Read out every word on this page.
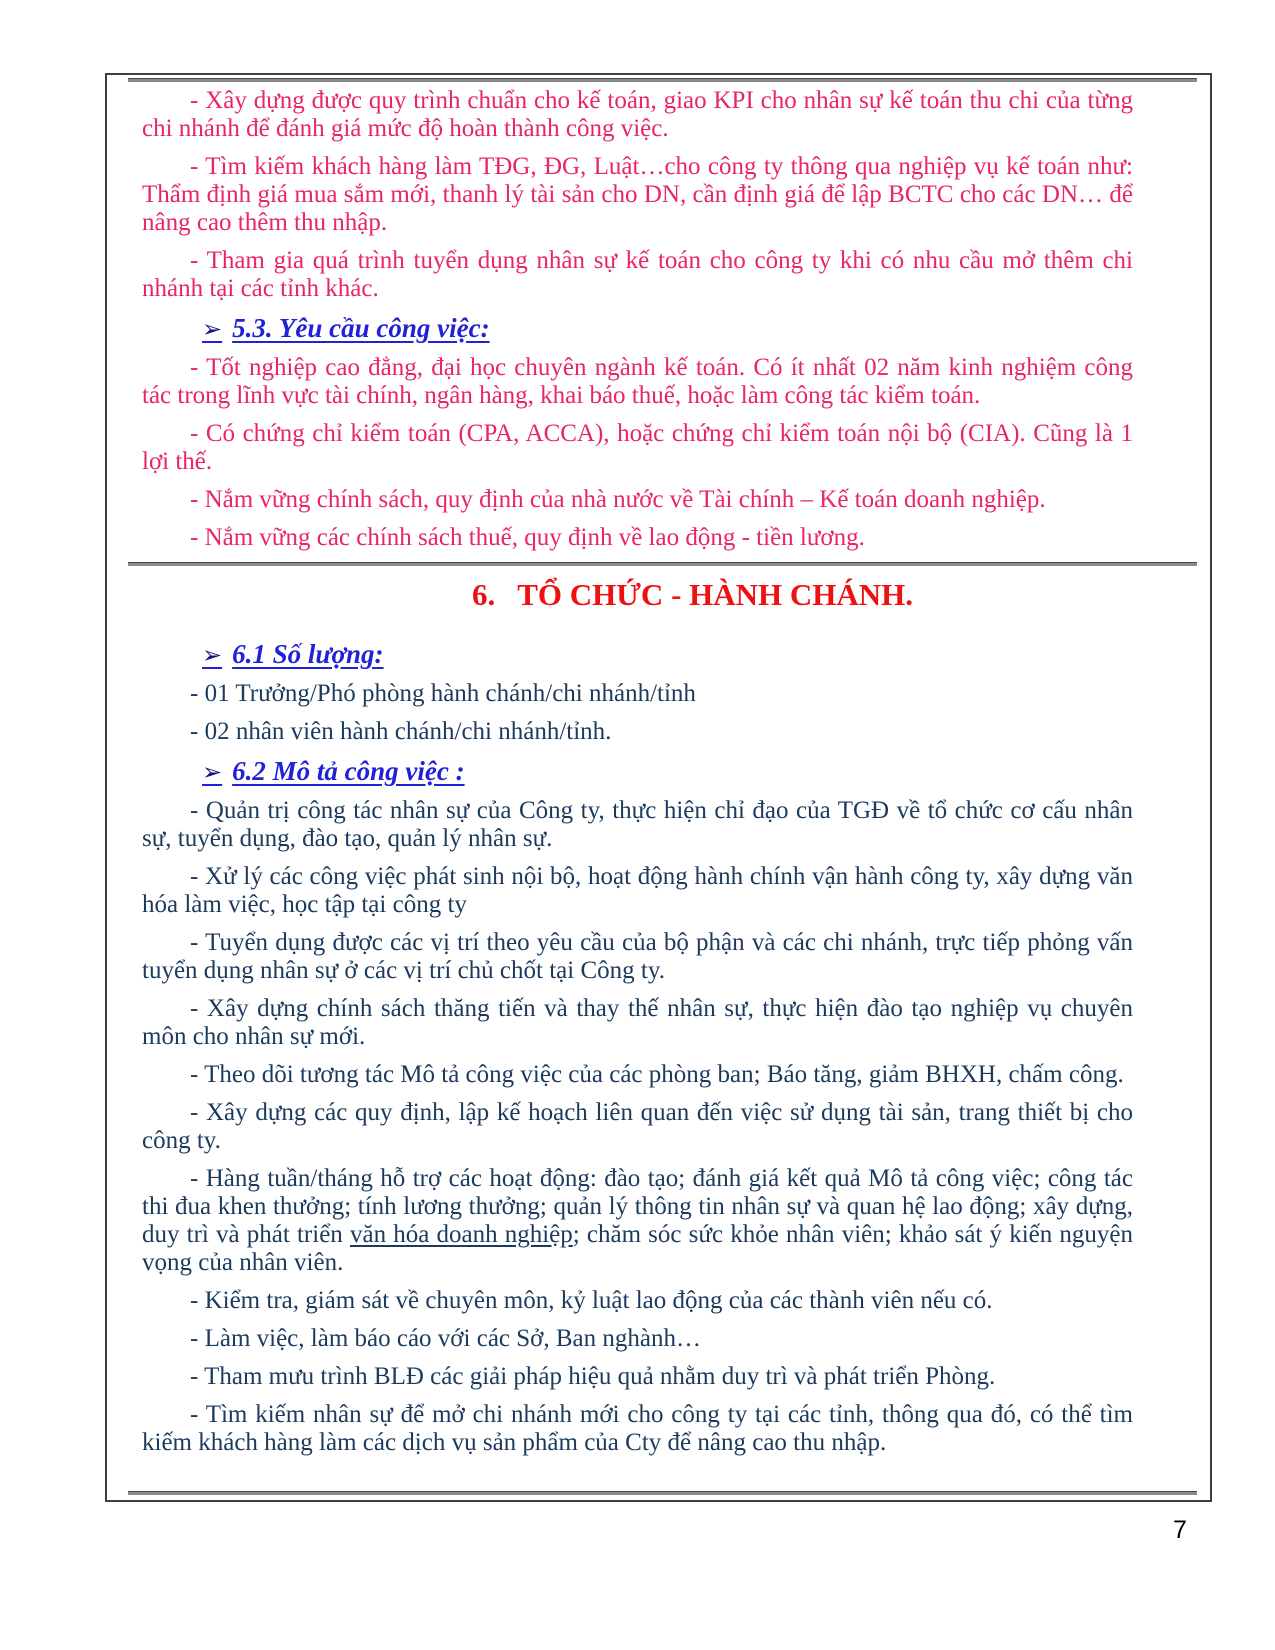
- Xây dựng được quy trình chuẩn cho kế toán, giao KPI cho nhân sự kế toán thu chi của từng chi nhánh để đánh giá mức độ hoàn thành công việc.

- Tìm kiếm khách hàng làm TĐG, ĐG, Luật…cho công ty thông qua nghiệp vụ kế toán như: Thẩm định giá mua sắm mới, thanh lý tài sản cho DN, cần định giá để lập BCTC cho các DN… để nâng cao thêm thu nhập.

- Tham gia quá trình tuyển dụng nhân sự kế toán cho công ty khi có nhu cầu mở thêm chi nhánh tại các tỉnh khác.

➢ 5.3. Yêu cầu công việc:

- Tốt nghiệp cao đẳng, đại học chuyên ngành kế toán. Có ít nhất 02 năm kinh nghiệm công tác trong lĩnh vực tài chính, ngân hàng, khai báo thuế, hoặc làm công tác kiểm toán.

- Có chứng chỉ kiểm toán (CPA, ACCA), hoặc chứng chỉ kiểm toán nội bộ (CIA). Cũng là 1 lợi thế.

- Nắm vững chính sách, quy định của nhà nước về Tài chính – Kế toán doanh nghiệp.

- Nắm vững các chính sách thuế, quy định về lao động - tiền lương.

6. TỔ CHỨC - HÀNH CHÁNH.

➢ 6.1 Số lượng:

- 01 Trưởng/Phó phòng hành chánh/chi nhánh/tỉnh

- 02 nhân viên hành chánh/chi nhánh/tỉnh.

➢ 6.2 Mô tả công việc :

- Quản trị công tác nhân sự của Công ty, thực hiện chỉ đạo của TGĐ về tổ chức cơ cấu nhân sự, tuyển dụng, đào tạo, quản lý nhân sự.

- Xử lý các công việc phát sinh nội bộ, hoạt động hành chính vận hành công ty, xây dựng văn hóa làm việc, học tập tại công ty

- Tuyển dụng được các vị trí theo yêu cầu của bộ phận và các chi nhánh, trực tiếp phỏng vấn tuyển dụng nhân sự ở các vị trí chủ chốt tại Công ty.

- Xây dựng chính sách thăng tiến và thay thế nhân sự, thực hiện đào tạo nghiệp vụ chuyên môn cho nhân sự mới.

- Theo dõi tương tác Mô tả công việc của các phòng ban; Báo tăng, giảm BHXH, chấm công.

- Xây dựng các quy định, lập kế hoạch liên quan đến việc sử dụng tài sản, trang thiết bị cho công ty.

- Hàng tuần/tháng hỗ trợ các hoạt động: đào tạo; đánh giá kết quả Mô tả công việc; công tác thi đua khen thưởng; tính lương thưởng; quản lý thông tin nhân sự và quan hệ lao động; xây dựng, duy trì và phát triển văn hóa doanh nghiệp; chăm sóc sức khỏe nhân viên; khảo sát ý kiến nguyện vọng của nhân viên.

- Kiểm tra, giám sát về chuyên môn, kỷ luật lao động của các thành viên nếu có.

- Làm việc, làm báo cáo với các Sở, Ban nghành…

- Tham mưu trình BLĐ các giải pháp hiệu quả nhằm duy trì và phát triển Phòng.

- Tìm kiếm nhân sự để mở chi nhánh mới cho công ty tại các tỉnh, thông qua đó, có thể tìm kiếm khách hàng làm các dịch vụ sản phẩm của Cty để nâng cao thu nhập.

7
